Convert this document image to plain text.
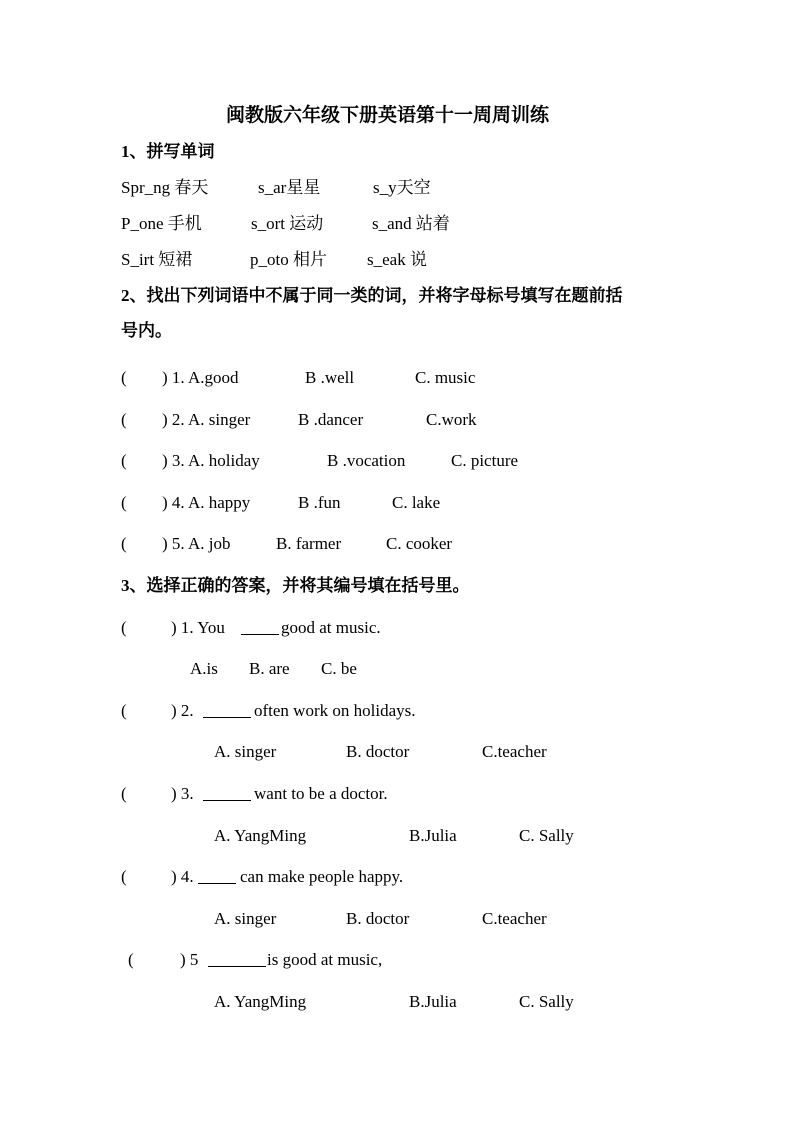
闽教版六年级下册英语第十一周周训练
1、拼写单词
Spr_ng 春天	s_ar星星	s_y天空
P_one 手机	s_ort 运动	s_and 站着
S_irt 短裙	p_oto 相片 s_eak 说
2、找出下列词语中不属于同一类的词，并将字母标号填写在题前括
号内。
( ) 1. A.good	B .well	C. music
( ) 2. A. singer	B .dancer	C.work
( ) 3. A. holiday	B .vocation	C. picture
( ) 4. A. happy	B .fun	C. lake
( ) 5. A. job	B. farmer	C. cooker
3、选择正确的答案，并将其编号填在括号里。
(	) 1. You	good at music.
A.is B. are C. be
(	) 2.	often work on holidays.
A. singer	B. doctor	C.teacher
(	) 3.	want to be a doctor.
A. YangMing	B.Julia	C. Sally
(	) 4.	can make people happy.
A. singer	B. doctor	C.teacher
(	) 5	is good at music,
A. YangMing	B.Julia	C. Sally
